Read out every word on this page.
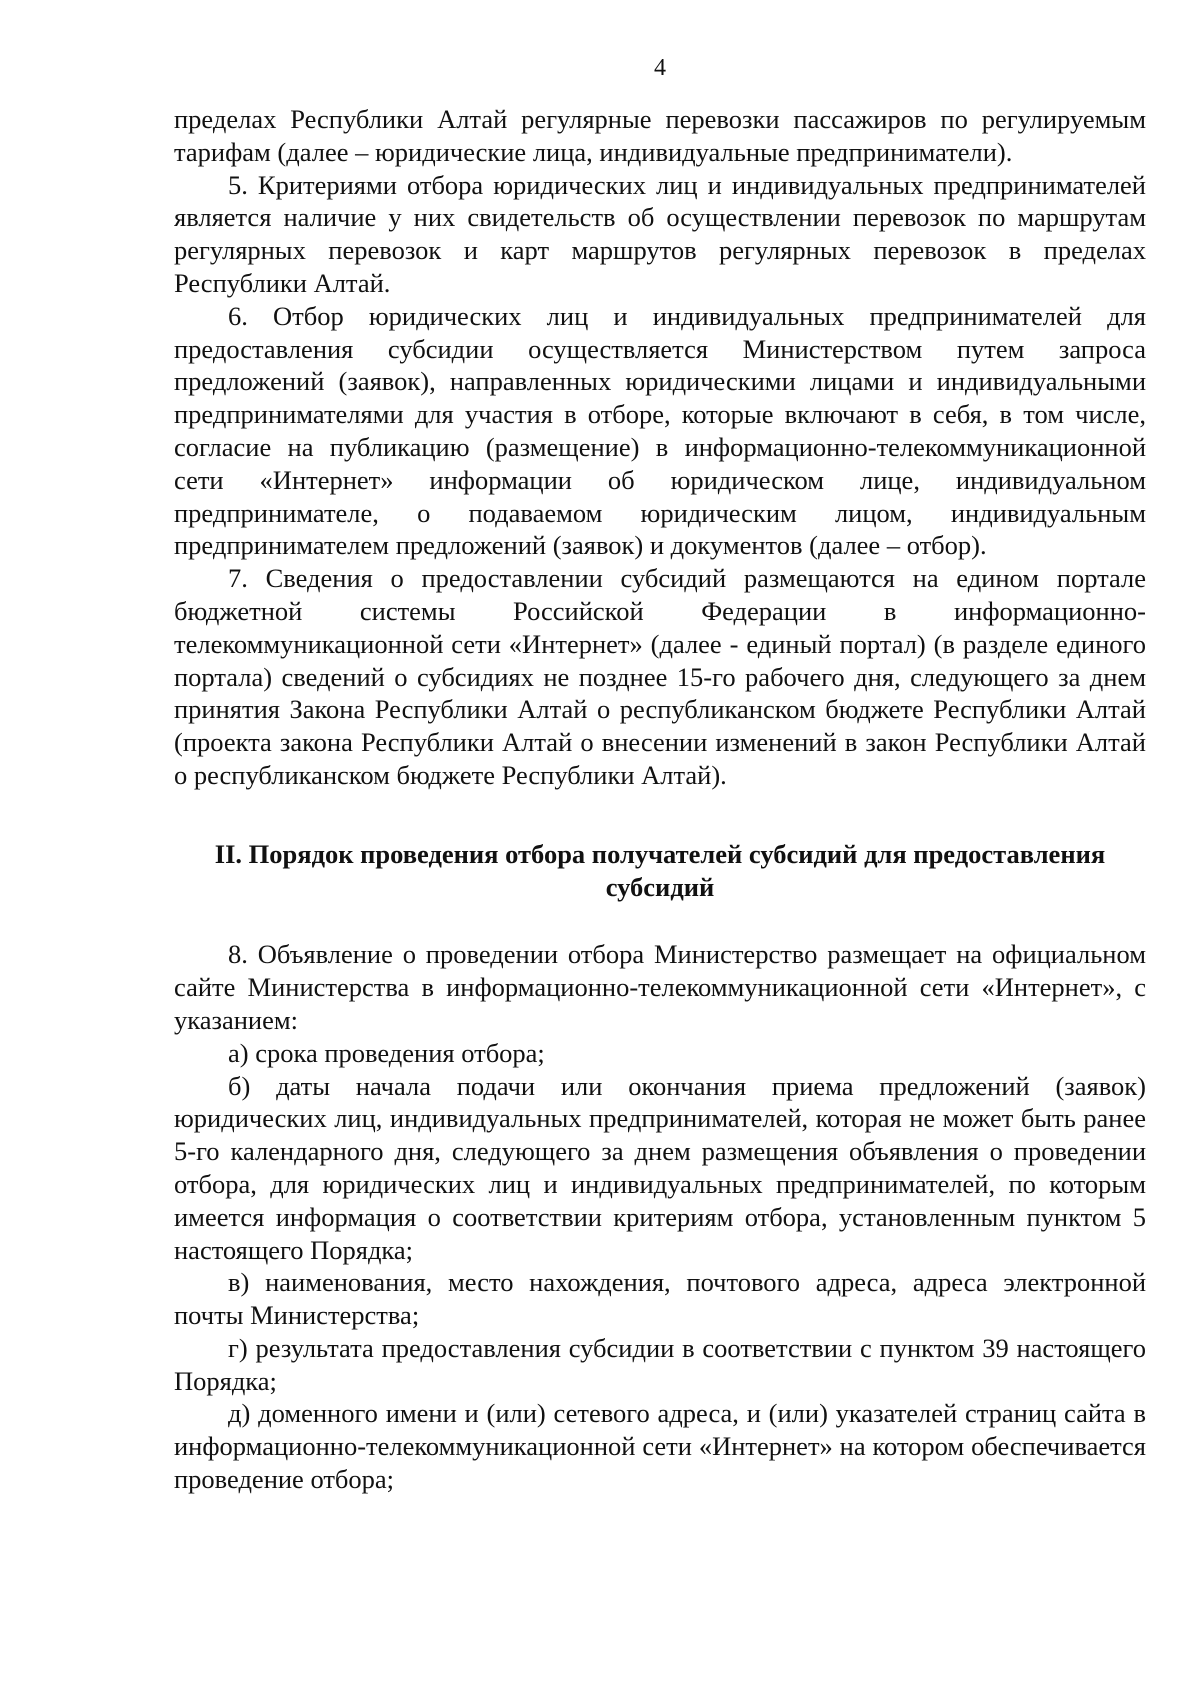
4

пределах Республики Алтай регулярные перевозки пассажиров по регулируемым тарифам (далее – юридические лица, индивидуальные предприниматели).

5. Критериями отбора юридических лиц и индивидуальных предпринимателей является наличие у них свидетельств об осуществлении перевозок по маршрутам регулярных перевозок и карт маршрутов регулярных перевозок в пределах Республики Алтай.

6. Отбор юридических лиц и индивидуальных предпринимателей для предоставления субсидии осуществляется Министерством путем запроса предложений (заявок), направленных юридическими лицами и индивидуальными предпринимателями для участия в отборе, которые включают в себя, в том числе, согласие на публикацию (размещение) в информационно-телекоммуникационной сети «Интернет» информации об юридическом лице, индивидуальном предпринимателе, о подаваемом юридическим лицом, индивидуальным предпринимателем предложений (заявок) и документов (далее – отбор).

7. Сведения о предоставлении субсидий размещаются на едином портале бюджетной системы Российской Федерации в информационно-телекоммуникационной сети «Интернет» (далее - единый портал) (в разделе единого портала) сведений о субсидиях не позднее 15-го рабочего дня, следующего за днем принятия Закона Республики Алтай о республиканском бюджете Республики Алтай (проекта закона Республики Алтай о внесении изменений в закон Республики Алтай о республиканском бюджете Республики Алтай).

II. Порядок проведения отбора получателей субсидий для предоставления субсидий

8. Объявление о проведении отбора Министерство размещает на официальном сайте Министерства в информационно-телекоммуникационной сети «Интернет», с указанием:

а) срока проведения отбора;

б) даты начала подачи или окончания приема предложений (заявок) юридических лиц, индивидуальных предпринимателей, которая не может быть ранее 5-го календарного дня, следующего за днем размещения объявления о проведении отбора, для юридических лиц и индивидуальных предпринимателей, по которым имеется информация о соответствии критериям отбора, установленным пунктом 5 настоящего Порядка;

в) наименования, место нахождения, почтового адреса, адреса электронной почты Министерства;

г) результата предоставления субсидии в соответствии с пунктом 39 настоящего Порядка;

д) доменного имени и (или) сетевого адреса, и (или) указателей страниц сайта в информационно-телекоммуникационной сети «Интернет» на котором обеспечивается проведение отбора;
